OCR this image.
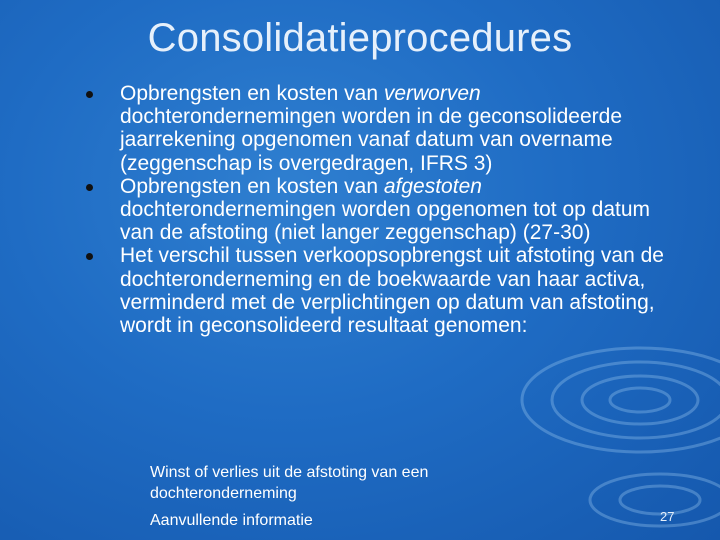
Consolidatieprocedures
Opbrengsten en kosten van verworven dochterondernemingen worden in de geconsolideerde jaarrekening opgenomen vanaf datum van overname (zeggenschap is overgedragen, IFRS 3)
Opbrengsten en kosten van afgestoten dochterondernemingen worden opgenomen tot op datum van de afstoting (niet langer zeggenschap) (27-30)
Het verschil tussen verkoopsopbrengst uit afstoting van de dochteronderneming en de boekwaarde van haar activa, verminderd met de verplichtingen op datum van afstoting, wordt in geconsolideerd resultaat genomen:
Winst of verlies uit de afstoting van een dochteronderneming
Aanvullende informatie	27
